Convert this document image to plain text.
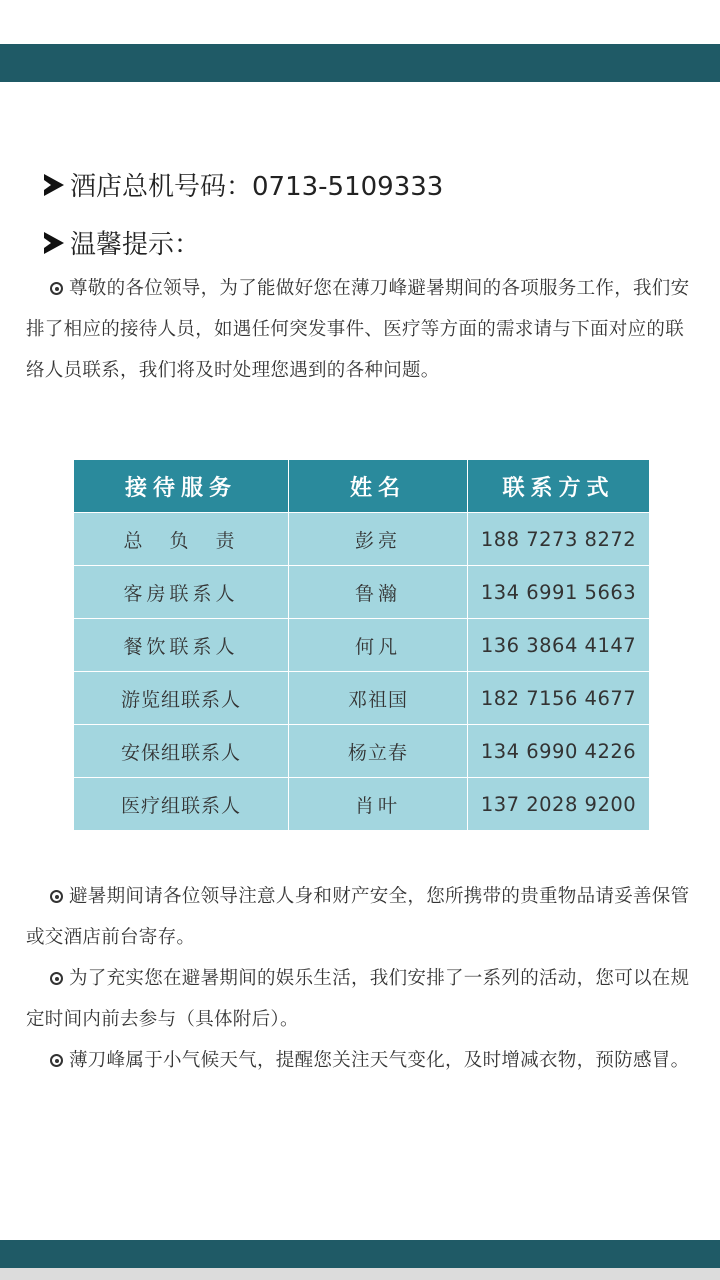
酒店总机号码：0713-5109333
温馨提示：
尊敬的各位领导，为了能做好您在薄刀峰避暑期间的各项服务工作，我们安排了相应的接待人员，如遇任何突发事件、医疗等方面的需求请与下面对应的联络人员联系，我们将及时处理您遇到的各种问题。
接待服务	姓名	联系方式
总　负　责	彭亮	188 7273 8272
客房联系人	鲁瀚	134 6991 5663
餐饮联系人	何凡	136 3864 4147
游览组联系人	邓祖国	182 7156 4677
安保组联系人	杨立春	134 6990 4226
医疗组联系人	肖叶	137 2028 9200
避暑期间请各位领导注意人身和财产安全，您所携带的贵重物品请妥善保管或交酒店前台寄存。
为了充实您在避暑期间的娱乐生活，我们安排了一系列的活动，您可以在规定时间内前去参与（具体附后）。
薄刀峰属于小气候天气，提醒您关注天气变化，及时增减衣物，预防感冒。
